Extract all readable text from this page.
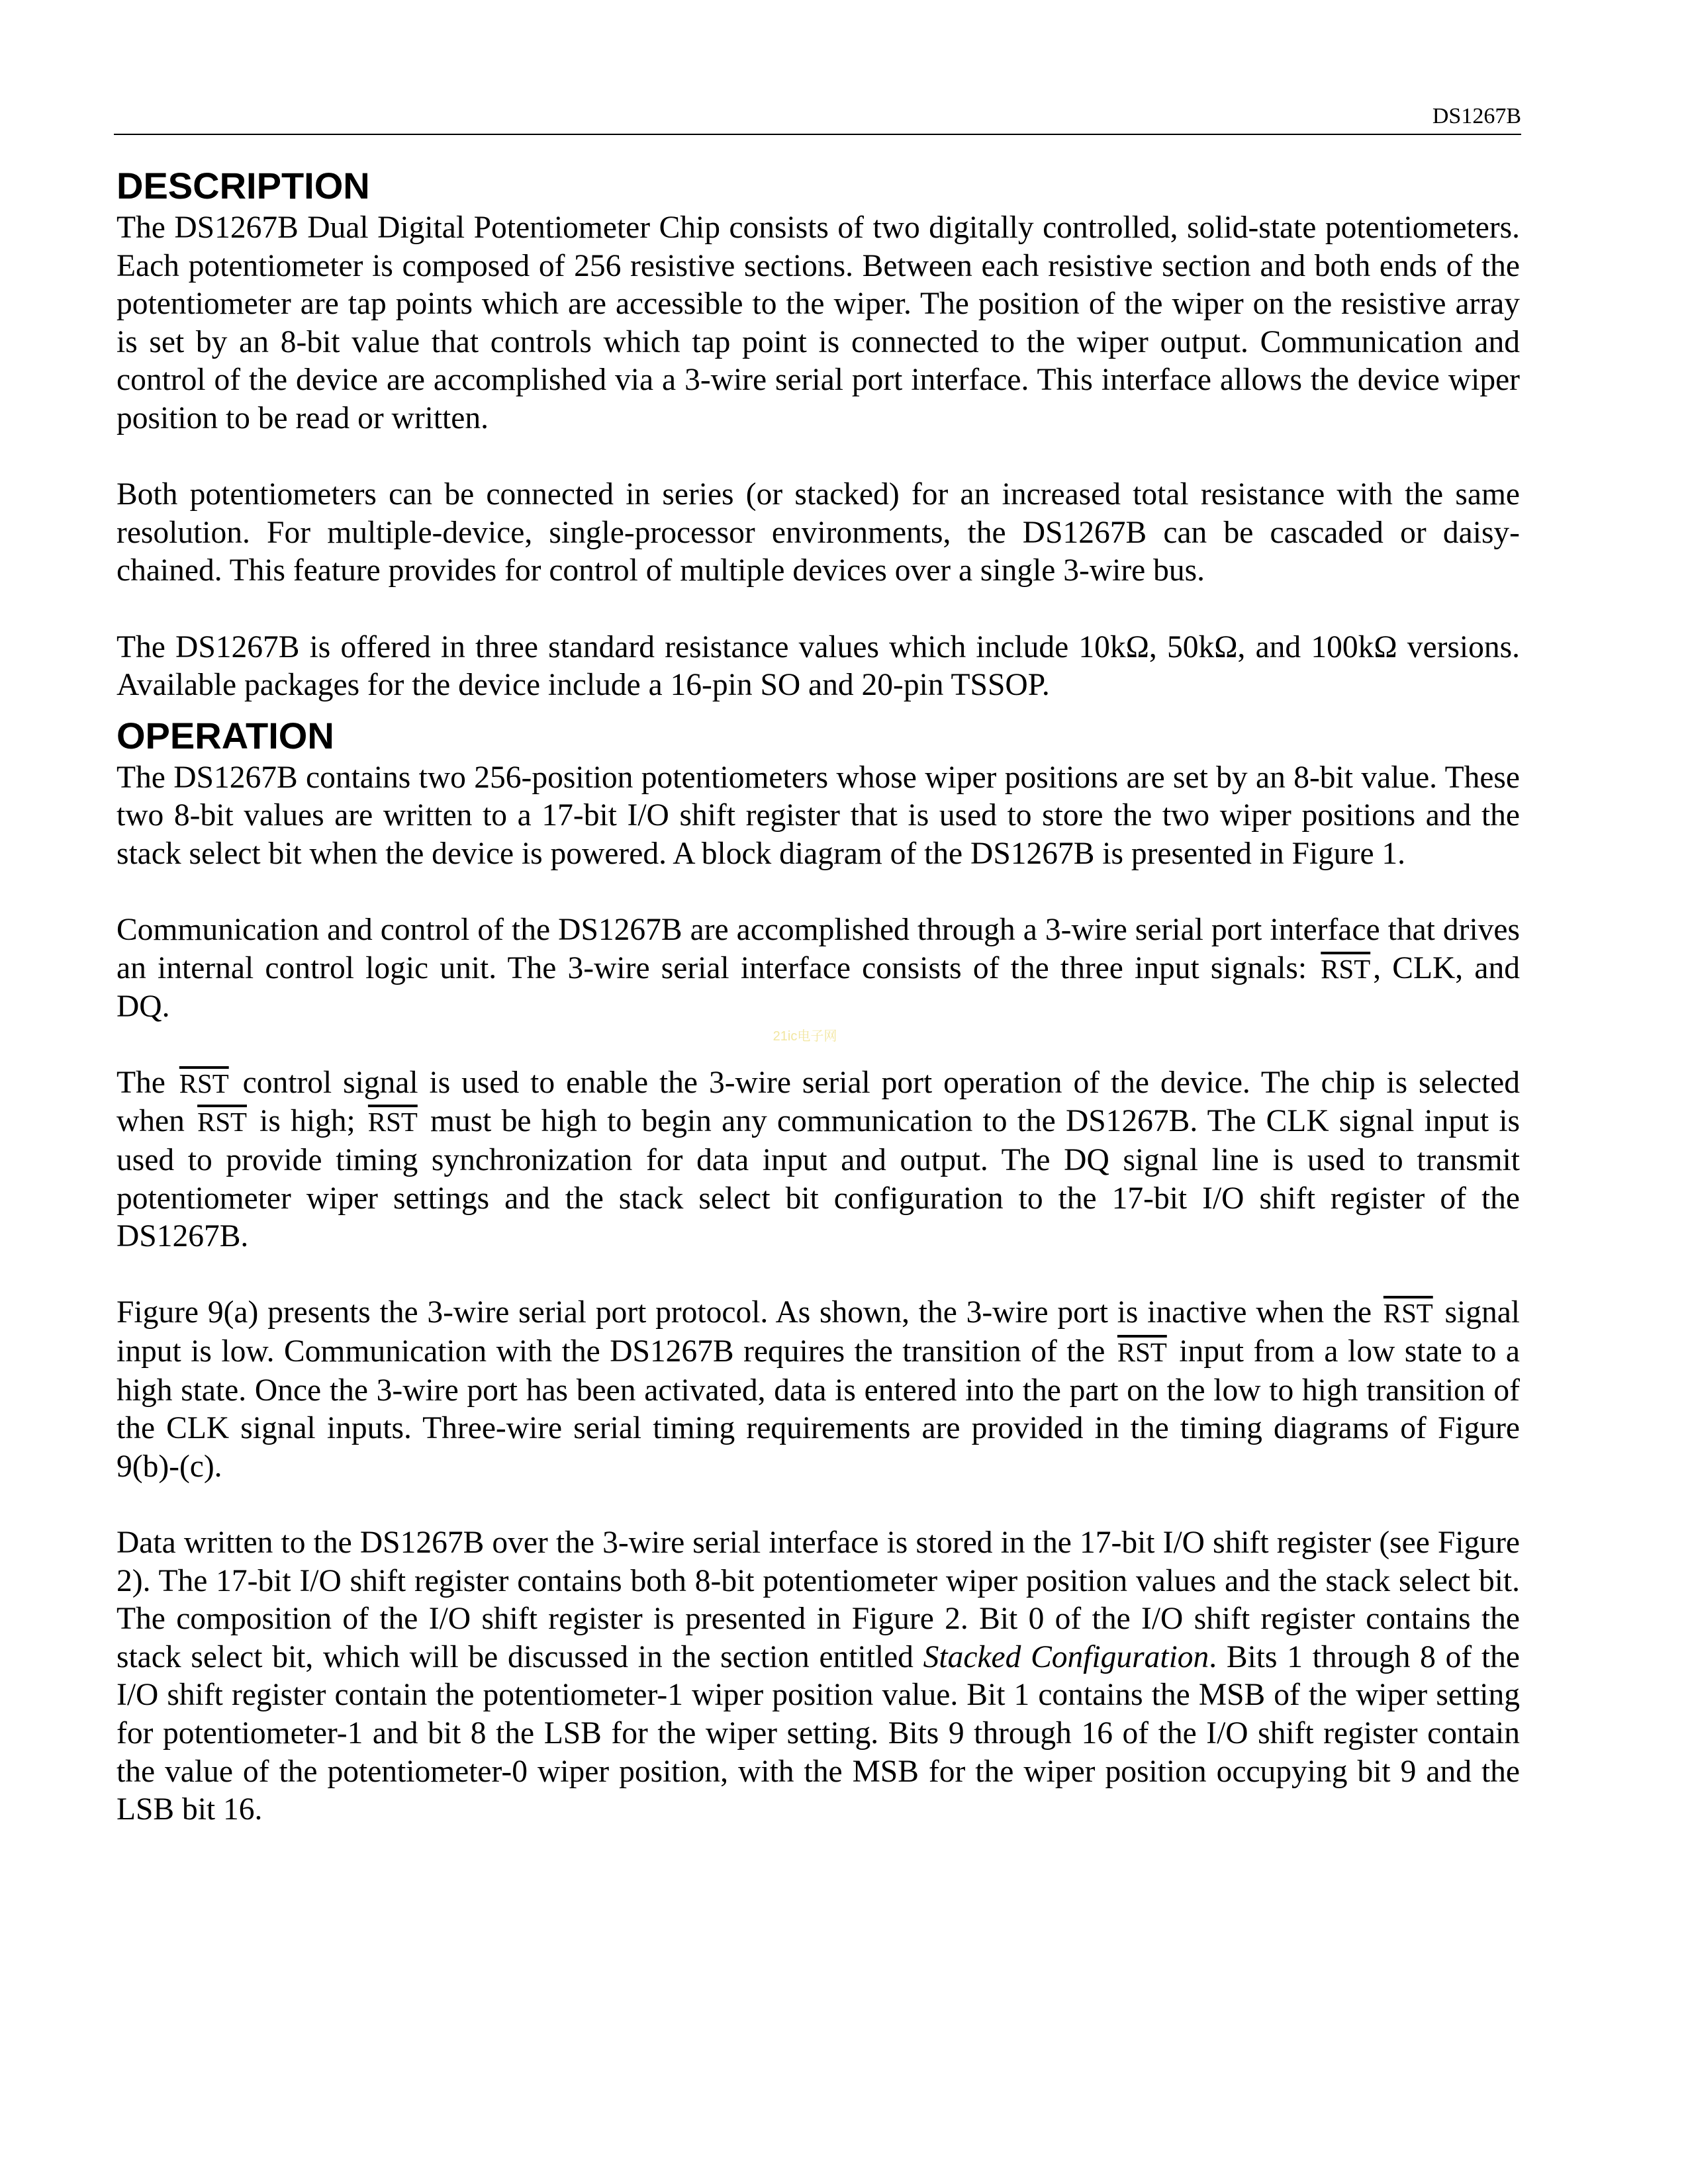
DS1267B
DESCRIPTION

The DS1267B Dual Digital Potentiometer Chip consists of two digitally controlled, solid-state potentiometers. Each potentiometer is composed of 256 resistive sections. Between each resistive section and both ends of the potentiometer are tap points which are accessible to the wiper. The position of the wiper on the resistive array is set by an 8-bit value that controls which tap point is connected to the wiper output. Communication and control of the device are accomplished via a 3-wire serial port interface. This interface allows the device wiper position to be read or written.

Both potentiometers can be connected in series (or stacked) for an increased total resistance with the same resolution. For multiple-device, single-processor environments, the DS1267B can be cascaded or daisy-chained. This feature provides for control of multiple devices over a single 3-wire bus.

The DS1267B is offered in three standard resistance values which include 10kΩ, 50kΩ, and 100kΩ versions. Available packages for the device include a 16-pin SO and 20-pin TSSOP.

OPERATION

The DS1267B contains two 256-position potentiometers whose wiper positions are set by an 8-bit value. These two 8-bit values are written to a 17-bit I/O shift register that is used to store the two wiper positions and the stack select bit when the device is powered. A block diagram of the DS1267B is presented in Figure 1.

Communication and control of the DS1267B are accomplished through a 3-wire serial port interface that drives an internal control logic unit. The 3-wire serial interface consists of the three input signals: $\overline{RST}$, CLK, and DQ.

21ic电子网

The $\overline{RST}$ control signal is used to enable the 3-wire serial port operation of the device. The chip is selected when $\overline{RST}$ is high; $\overline{RST}$ must be high to begin any communication to the DS1267B. The CLK signal input is used to provide timing synchronization for data input and output. The DQ signal line is used to transmit potentiometer wiper settings and the stack select bit configuration to the 17-bit I/O shift register of the DS1267B.

Figure 9(a) presents the 3-wire serial port protocol. As shown, the 3-wire port is inactive when the $\overline{RST}$ signal input is low. Communication with the DS1267B requires the transition of the $\overline{RST}$ input from a low state to a high state. Once the 3-wire port has been activated, data is entered into the part on the low to high transition of the CLK signal inputs. Three-wire serial timing requirements are provided in the timing diagrams of Figure 9(b)-(c).

Data written to the DS1267B over the 3-wire serial interface is stored in the 17-bit I/O shift register (see Figure 2). The 17-bit I/O shift register contains both 8-bit potentiometer wiper position values and the stack select bit. The composition of the I/O shift register is presented in Figure 2. Bit 0 of the I/O shift register contains the stack select bit, which will be discussed in the section entitled Stacked Configuration. Bits 1 through 8 of the I/O shift register contain the potentiometer-1 wiper position value. Bit 1 contains the MSB of the wiper setting for potentiometer-1 and bit 8 the LSB for the wiper setting. Bits 9 through 16 of the I/O shift register contain the value of the potentiometer-0 wiper position, with the MSB for the wiper position occupying bit 9 and the LSB bit 16.
